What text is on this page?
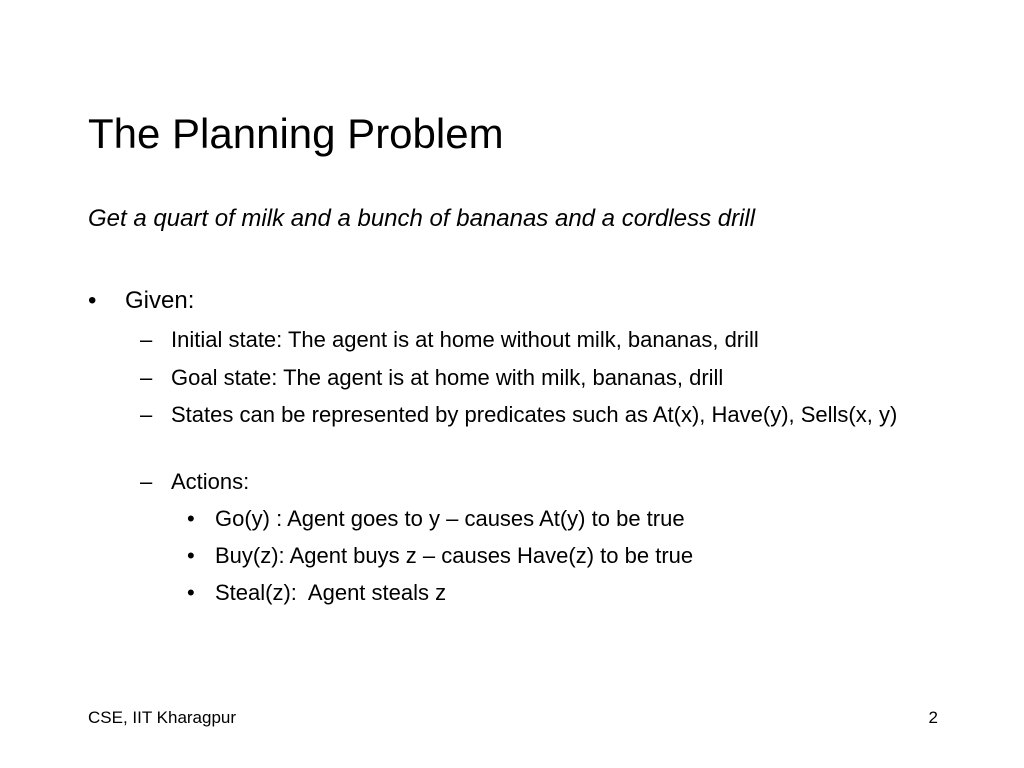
The Planning Problem
Get a quart of milk and a bunch of bananas and a cordless drill
• Given:
– Initial state: The agent is at home without milk, bananas, drill
– Goal state: The agent is at home with milk, bananas, drill
– States can be represented by predicates such as At(x), Have(y), Sells(x, y)
– Actions:
• Go(y) : Agent goes to y – causes At(y) to be true
• Buy(z): Agent buys z – causes Have(z) to be true
• Steal(z):  Agent steals z
CSE, IIT Kharagpur	2
